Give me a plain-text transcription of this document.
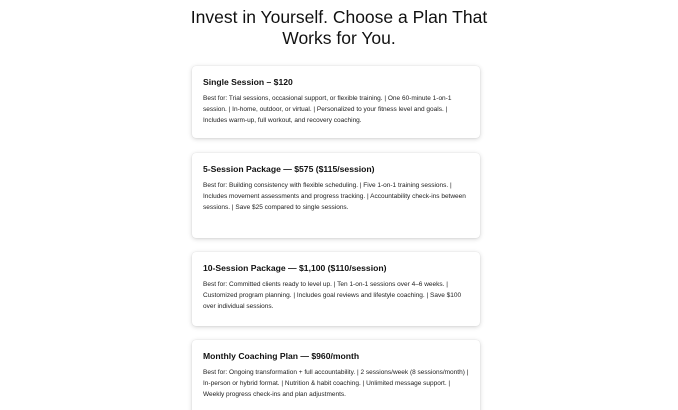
Invest in Yourself. Choose a Plan That
Works for You.
Single Session – $120

Best for: Trial sessions, occasional support, or flexible training. | One 60-minute 1-on-1 session. | In-home, outdoor, or virtual. | Personalized to your fitness level and goals. | Includes warm-up, full workout, and recovery coaching.

5-Session Package — $575 ($115/session)

Best for: Building consistency with flexible scheduling. | Five 1-on-1 training sessions. | Includes movement assessments and progress tracking. | Accountability check-ins between sessions. | Save $25 compared to single sessions.

10-Session Package — $1,100 ($110/session)

Best for: Committed clients ready to level up. | Ten 1-on-1 sessions over 4–6 weeks. | Customized program planning. | Includes goal reviews and lifestyle coaching. | Save $100 over individual sessions.

Monthly Coaching Plan — $960/month

Best for: Ongoing transformation + full accountability. | 2 sessions/week (8 sessions/month) | In-person or hybrid format. | Nutrition & habit coaching. | Unlimited message support. | Weekly progress check-ins and plan adjustments.
